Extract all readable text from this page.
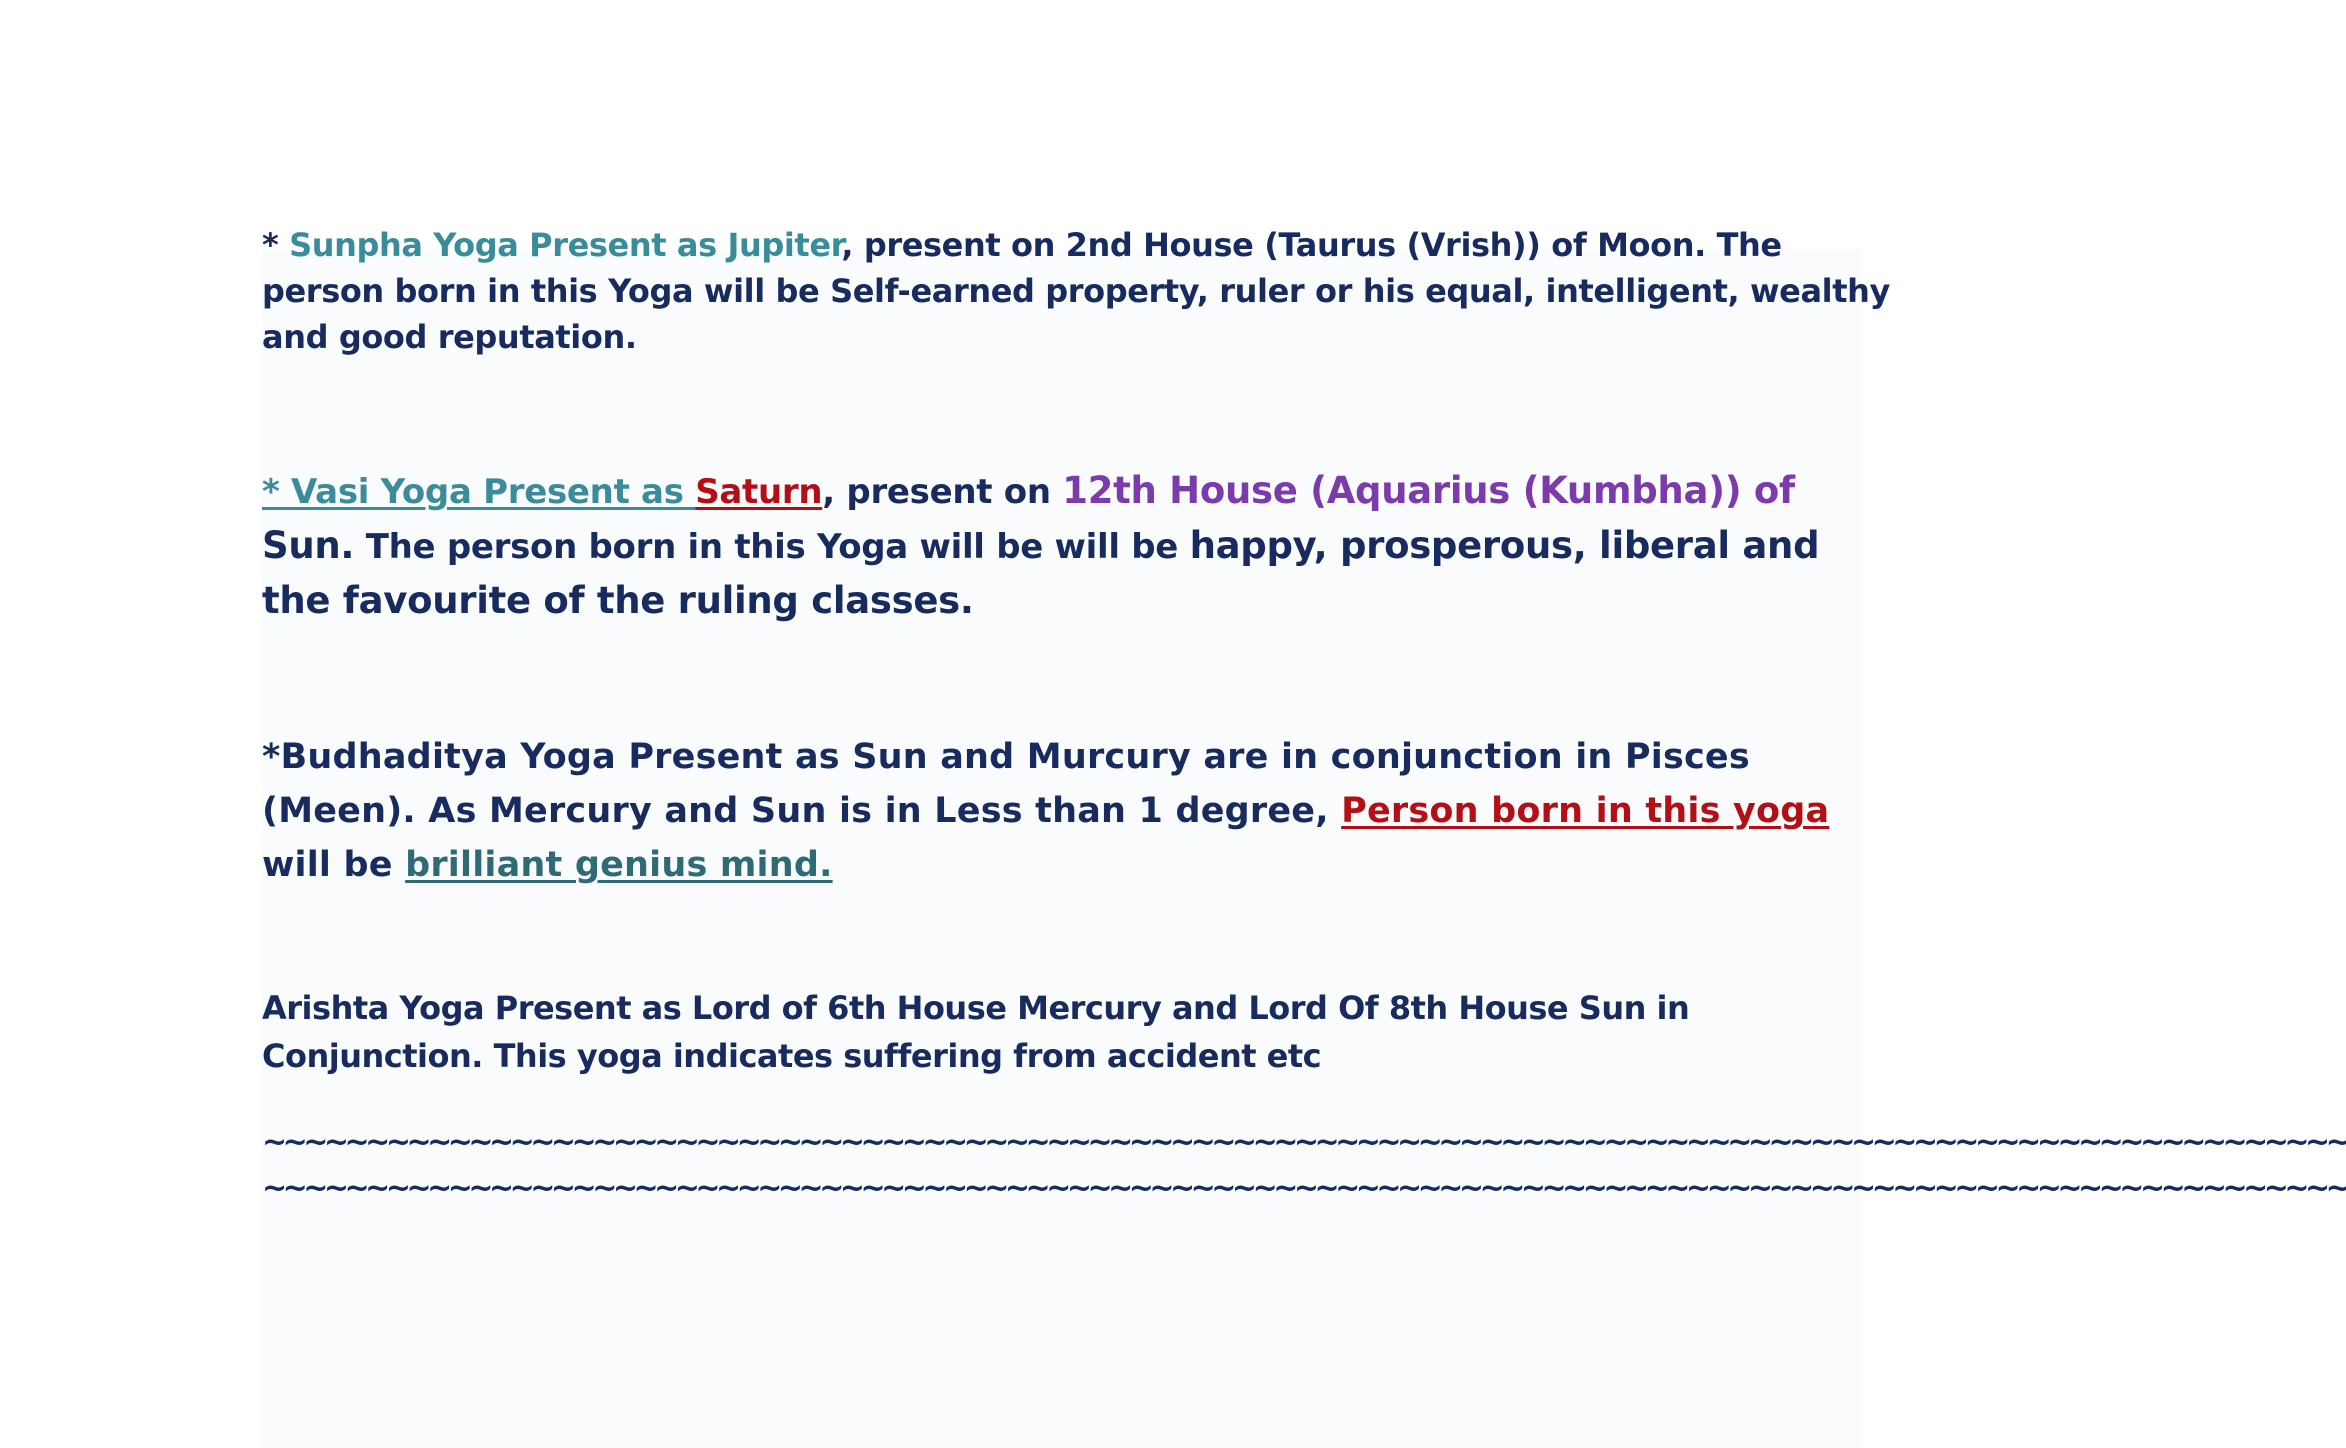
* Sunpha Yoga Present as Jupiter, present on 2nd House (Taurus (Vrish)) of Moon. The person born in this Yoga will be Self-earned property, ruler or his equal, intelligent, wealthy and good reputation.

* Vasi Yoga Present as Saturn, present on 12th House (Aquarius (Kumbha)) of Sun. The person born in this Yoga will be will be happy, prosperous, liberal and the favourite of the ruling classes.

*Budhaditya Yoga Present as Sun and Murcury are in conjunction in Pisces (Meen). As Mercury and Sun is in Less than 1 degree, Person born in this yoga will be brilliant genius mind.

Arishta Yoga Present as Lord of 6th House Mercury and Lord Of 8th House Sun in Conjunction. This yoga indicates suffering from accident etc

~~~~~~~~~~~~~~~~~~~~~~~~~~~~~~~~~~~~~~~~~~~~~~~~~~~~~~~~~~~~~~~~~~~~~~~~~~~~~~~~~~~~~~~~~~~~~~~~~~~~~
~~~~~~~~~~~~~~~~~~~~~~~~~~~~~~~~~~~~~~~~~~~~~~~~~~~~~~~~~~~~~~~~~~~~~~~~~~~~~~~~~~~~~~~~~~~~~~~~~~~~~
